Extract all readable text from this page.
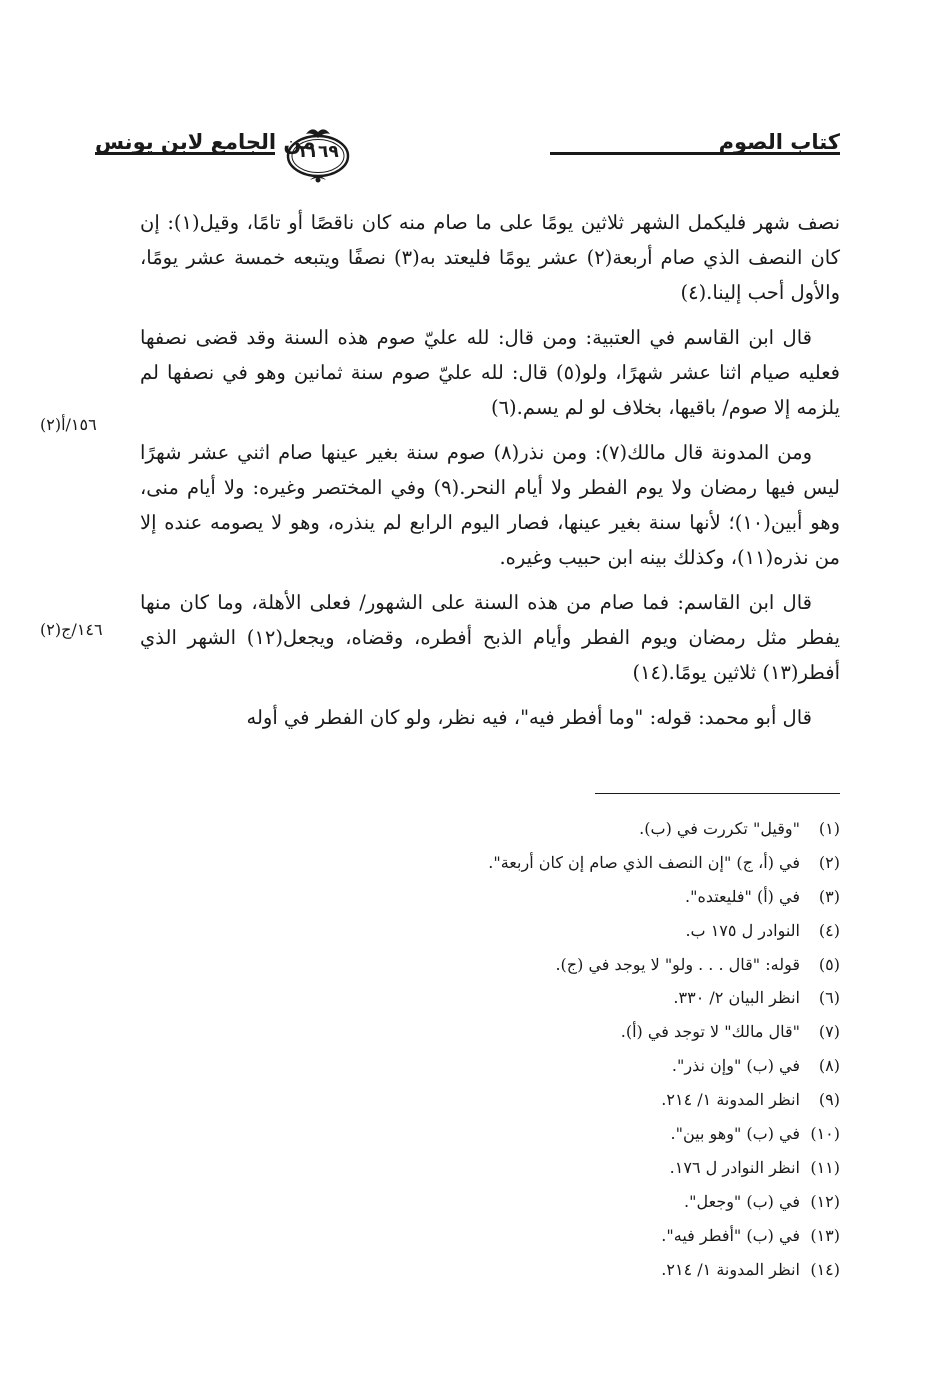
كتاب الصوم
١١٦٩
من الجامع لابن يونس
١٥٦/أ(٢)
١٤٦/ج(٢)

نصف شهر فليكمل الشهر ثلاثين يومًا على ما صام منه كان ناقصًا أو تامًا، وقيل(١): إن كان النصف الذي صام أربعة(٢) عشر يومًا فليعتد به(٣) نصفًا ويتبعه خمسة عشر يومًا، والأول أحب إلينا.(٤)

قال ابن القاسم في العتبية: ومن قال: لله عليّ صوم هذه السنة وقد قضى نصفها فعليه صيام اثنا عشر شهرًا، ولو(٥) قال: لله عليّ صوم سنة ثمانين وهو في نصفها لم يلزمه إلا صوم/ باقيها، بخلاف لو لم يسم.(٦)

ومن المدونة قال مالك(٧): ومن نذر(٨) صوم سنة بغير عينها صام اثني عشر شهرًا ليس فيها رمضان ولا يوم الفطر ولا أيام النحر.(٩) وفي المختصر وغيره: ولا أيام منى، وهو أبين(١٠)؛ لأنها سنة بغير عينها، فصار اليوم الرابع لم ينذره، وهو لا يصومه عنده إلا من نذره(١١)، وكذلك بينه ابن حبيب وغيره.

قال ابن القاسم: فما صام من هذه السنة على الشهور/ فعلى الأهلة، وما كان منها يفطر مثل رمضان ويوم الفطر وأيام الذبح أفطره، وقضاه، ويجعل(١٢) الشهر الذي أفطر(١٣) ثلاثين يومًا.(١٤)

قال أبو محمد: قوله: "وما أفطر فيه"، فيه نظر، ولو كان الفطر في أوله

(١)"وقيل" تكررت في (ب).
(٢)في (أ، ج) "إن النصف الذي صام إن كان أربعة".
(٣)في (أ) "فليعتده".
(٤)النوادر ل ١٧٥ ب.
(٥)قوله: "قال . . . ولو" لا يوجد في (ج).
(٦)انظر البيان ٢/ ٣٣٠.
(٧)"قال مالك" لا توجد في (أ).
(٨)في (ب) "وإن نذر".
(٩)انظر المدونة ١/ ٢١٤.
(١٠)في (ب) "وهو بين".
(١١)انظر النوادر ل ١٧٦.
(١٢)في (ب) "وجعل".
(١٣)في (ب) "أفطر فيه".
(١٤)انظر المدونة ١/ ٢١٤.
